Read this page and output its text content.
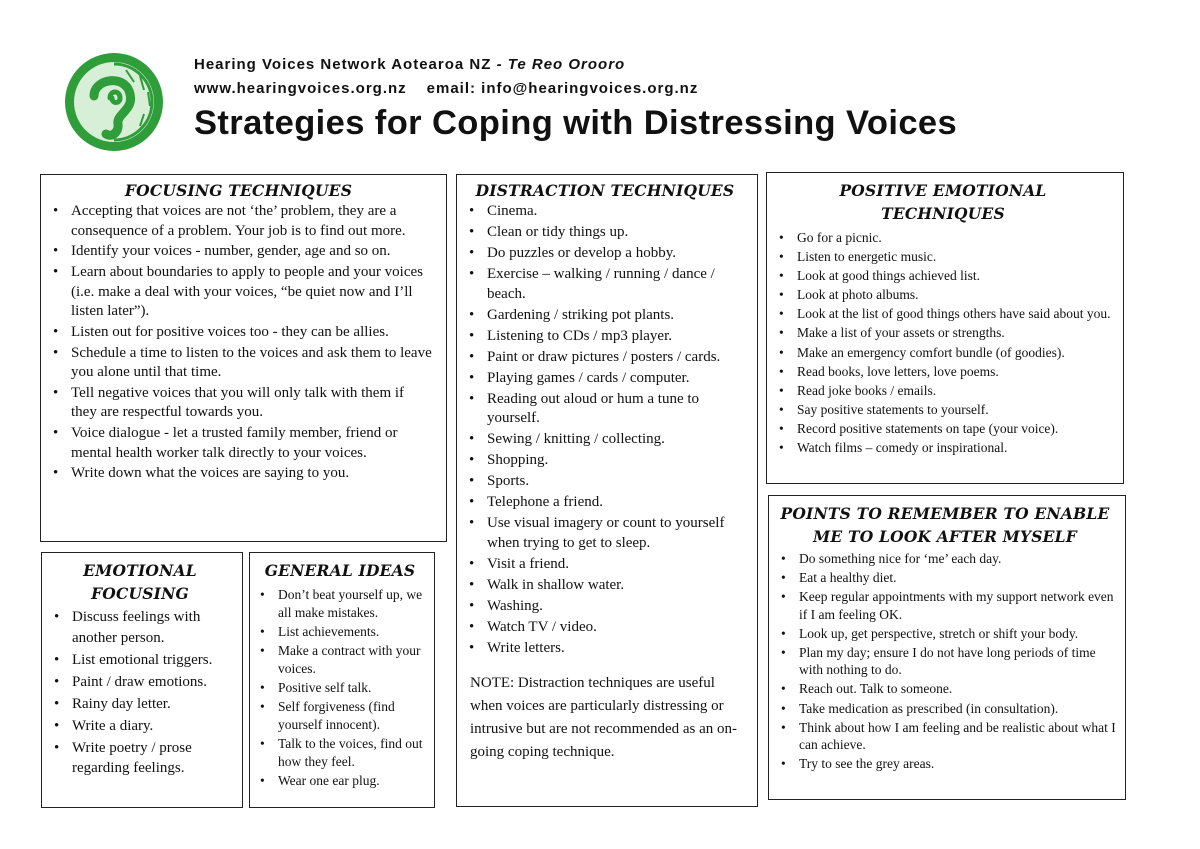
Hearing Voices Network Aotearoa NZ - Te Reo Orooro
www.hearingvoices.org.nz email: info@hearingvoices.org.nz
Strategies for Coping with Distressing Voices
FOCUSING TECHNIQUES
• Accepting that voices are not ‘the’ problem, they are a consequence of a problem. Your job is to find out more.
• Identify your voices - number, gender, age and so on.
• Learn about boundaries to apply to people and your voices (i.e. make a deal with your voices, “be quiet now and I’ll listen later”).
• Listen out for positive voices too - they can be allies.
• Schedule a time to listen to the voices and ask them to leave you alone until that time.
• Tell negative voices that you will only talk with them if they are respectful towards you.
• Voice dialogue - let a trusted family member, friend or mental health worker talk directly to your voices.
• Write down what the voices are saying to you.
DISTRACTION TECHNIQUES
• Cinema.
• Clean or tidy things up.
• Do puzzles or develop a hobby.
• Exercise – walking / running / dance / beach.
• Gardening / striking pot plants.
• Listening to CDs / mp3 player.
• Paint or draw pictures / posters / cards.
• Playing games / cards / computer.
• Reading out aloud or hum a tune to yourself.
• Sewing / knitting / collecting.
• Shopping.
• Sports.
• Telephone a friend.
• Use visual imagery or count to yourself when trying to get to sleep.
• Visit a friend.
• Walk in shallow water.
• Washing.
• Watch TV / video.
• Write letters.

NOTE: Distraction techniques are useful when voices are particularly distressing or intrusive but are not recommended as an on-going coping technique.

POSITIVE EMOTIONAL
TECHNIQUES
• Go for a picnic.
• Listen to energetic music.
• Look at good things achieved list.
• Look at photo albums.
• Look at the list of good things others have said about you.
• Make a list of your assets or strengths.
• Make an emergency comfort bundle (of goodies).
• Read books, love letters, love poems.
• Read joke books / emails.
• Say positive statements to yourself.
• Record positive statements on tape (your voice).
• Watch films – comedy or inspirational.
POINTS TO REMEMBER TO ENABLE
ME TO LOOK AFTER MYSELF
• Do something nice for ‘me’ each day.
• Eat a healthy diet.
• Keep regular appointments with my support network even if I am feeling OK.
• Look up, get perspective, stretch or shift your body.
• Plan my day; ensure I do not have long periods of time with nothing to do.
• Reach out. Talk to someone.
• Take medication as prescribed (in consultation).
• Think about how I am feeling and be realistic about what I can achieve.
• Try to see the grey areas.
EMOTIONAL
FOCUSING
• Discuss feelings with another person.
• List emotional triggers.
• Paint / draw emotions.
• Rainy day letter.
• Write a diary.
• Write poetry / prose regarding feelings.
GENERAL IDEAS
• Don’t beat yourself up, we all make mistakes.
• List achievements.
• Make a contract with your voices.
• Positive self talk.
• Self forgiveness (find yourself innocent).
• Talk to the voices, find out how they feel.
• Wear one ear plug.
